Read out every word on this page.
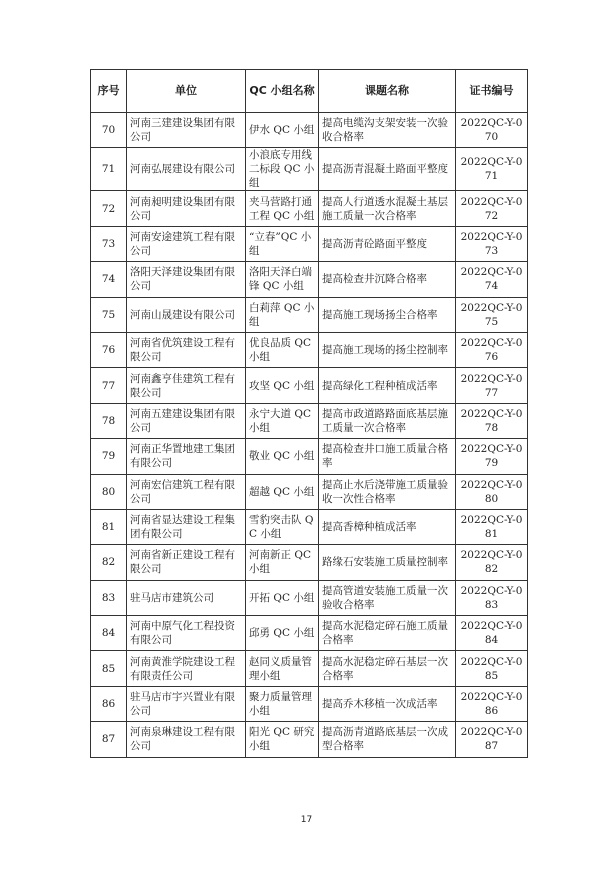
序号	单位	QC 小组名称	课题名称	证书编号
70	河南三建建设集团有限公司	伊水 QC 小组	提高电缆沟支架安装一次验收合格率	2022QC-Y-070
71	河南弘展建设有限公司	小浪底专用线二标段 QC 小组	提高沥青混凝土路面平整度	2022QC-Y-071
72	河南昶明建设集团有限公司	夹马营路打通工程 QC 小组	提高人行道透水混凝土基层施工质量一次合格率	2022QC-Y-072
73	河南安途建筑工程有限公司	“立春”QC 小组	提高沥青砼路面平整度	2022QC-Y-073
74	洛阳天泽建设集团有限公司	洛阳天泽白端锋 QC 小组	提高检查井沉降合格率	2022QC-Y-074
75	河南山晟建设有限公司	白莉萍 QC 小组	提高施工现场扬尘合格率	2022QC-Y-075
76	河南省优筑建设工程有限公司	优良品质 QC 小组	提高施工现场的扬尘控制率	2022QC-Y-076
77	河南鑫亨佳建筑工程有限公司	攻坚 QC 小组	提高绿化工程种植成活率	2022QC-Y-077
78	河南五建建设集团有限公司	永宁大道 QC 小组	提高市政道路路面底基层施工质量一次合格率	2022QC-Y-078
79	河南正华置地建工集团有限公司	敬业 QC 小组	提高检查井口施工质量合格率	2022QC-Y-079
80	河南宏信建筑工程有限公司	超越 QC 小组	提高止水后浇带施工质量验收一次性合格率	2022QC-Y-080
81	河南省显达建设工程集团有限公司	雪豹突击队 QC 小组	提高香樟种植成活率	2022QC-Y-081
82	河南省新正建设工程有限公司	河南新正 QC 小组	路缘石安装施工质量控制率	2022QC-Y-082
83	驻马店市建筑公司	开拓 QC 小组	提高管道安装施工质量一次验收合格率	2022QC-Y-083
84	河南中原气化工程投资有限公司	邱勇 QC 小组	提高水泥稳定碎石施工质量合格率	2022QC-Y-084
85	河南黄淮学院建设工程有限责任公司	赵同义质量管理小组	提高水泥稳定碎石基层一次合格率	2022QC-Y-085
86	驻马店市宇兴置业有限公司	聚力质量管理小组	提高乔木移植一次成活率	2022QC-Y-086
87	河南泉琳建设工程有限公司	阳光 QC 研究小组	提高沥青道路底基层一次成型合格率	2022QC-Y-087
17
